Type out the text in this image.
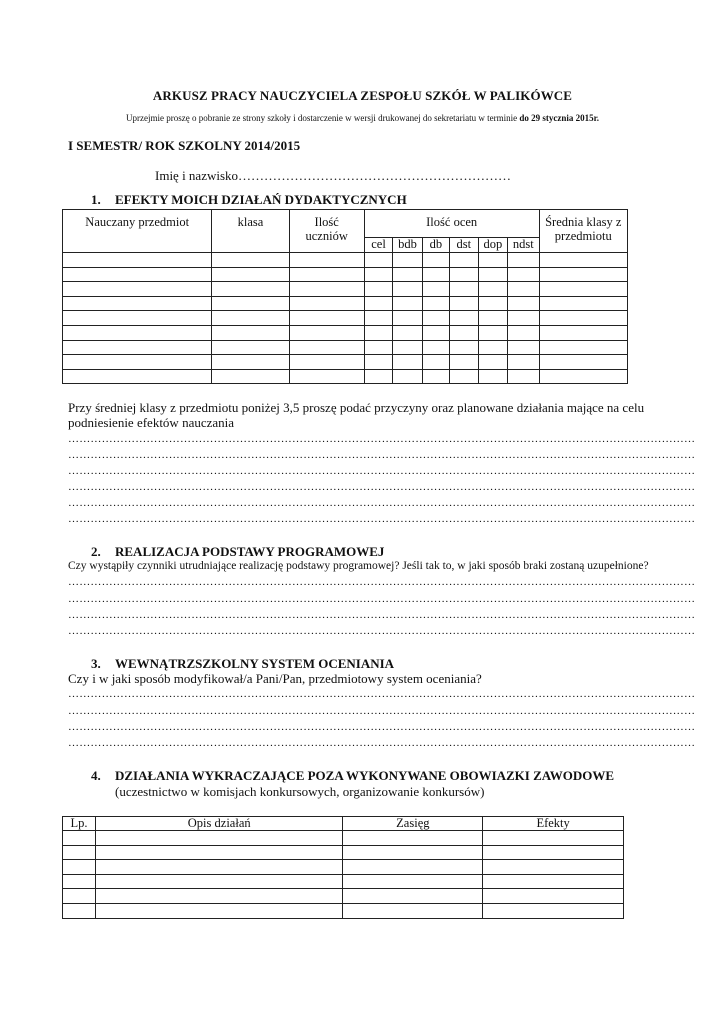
ARKUSZ PRACY NAUCZYCIELA ZESPOŁU SZKÓŁ W PALIKÓWCE
Uprzejmie proszę o pobranie ze strony szkoły i dostarczenie w wersji drukowanej do sekretariatu w terminie do 29 stycznia 2015r.
I SEMESTR/ ROK SZKOLNY 2014/2015
Imię i nazwisko………………………………………………………
1. EFEKTY MOICH DZIAŁAŃ DYDAKTYCZNYCH
Nauczany przedmiot	klasa	Ilość uczniów	Ilość ocen						Średnia klasy z przedmiotu
			cel	bdb	db	dst	dop	ndst	

Przy średniej klasy z przedmiotu poniżej 3,5 proszę podać przyczyny oraz planowane działania mające na celu
podniesienie efektów nauczania
……………………………………………………………………………………………………………………………………………………
……………………………………………………………………………………………………………………………………………………
……………………………………………………………………………………………………………………………………………………
……………………………………………………………………………………………………………………………………………………
……………………………………………………………………………………………………………………………………………………
……………………………………………………………………………………………………………………………………………………
2. REALIZACJA PODSTAWY PROGRAMOWEJ
Czy wystąpiły czynniki utrudniające realizację podstawy programowej? Jeśli tak to, w jaki sposób braki zostaną uzupełnione?
……………………………………………………………………………………………………………………………………………………
……………………………………………………………………………………………………………………………………………………
……………………………………………………………………………………………………………………………………………………
……………………………………………………………………………………………………………………………………………………
3. WEWNĄTRZSZKOLNY SYSTEM OCENIANIA
Czy i w jaki sposób modyfikował/a Pani/Pan, przedmiotowy system oceniania?
……………………………………………………………………………………………………………………………………………………
……………………………………………………………………………………………………………………………………………………
……………………………………………………………………………………………………………………………………………………
……………………………………………………………………………………………………………………………………………………
4. DZIAŁANIA WYKRACZAJĄCE POZA WYKONYWANE OBOWIAZKI ZAWODOWE
(uczestnictwo w komisjach konkursowych, organizowanie konkursów)
Lp.	Opis działań	Zasięg	Efekty
